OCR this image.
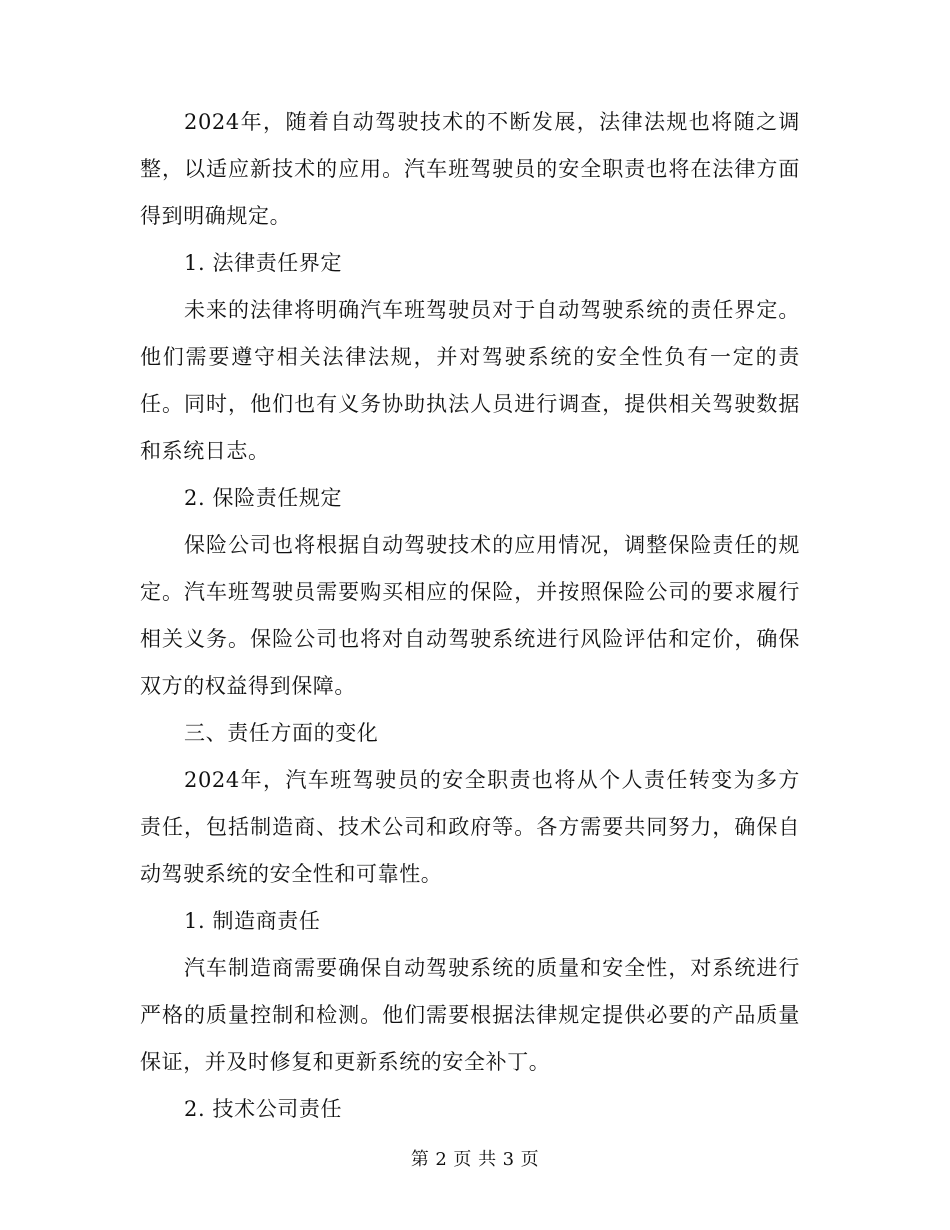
2024年，随着自动驾驶技术的不断发展，法律法规也将随之调整，以适应新技术的应用。汽车班驾驶员的安全职责也将在法律方面得到明确规定。

1. 法律责任界定

未来的法律将明确汽车班驾驶员对于自动驾驶系统的责任界定。他们需要遵守相关法律法规，并对驾驶系统的安全性负有一定的责任。同时，他们也有义务协助执法人员进行调查，提供相关驾驶数据和系统日志。

2. 保险责任规定

保险公司也将根据自动驾驶技术的应用情况，调整保险责任的规定。汽车班驾驶员需要购买相应的保险，并按照保险公司的要求履行相关义务。保险公司也将对自动驾驶系统进行风险评估和定价，确保双方的权益得到保障。

三、责任方面的变化

2024年，汽车班驾驶员的安全职责也将从个人责任转变为多方责任，包括制造商、技术公司和政府等。各方需要共同努力，确保自动驾驶系统的安全性和可靠性。

1. 制造商责任

汽车制造商需要确保自动驾驶系统的质量和安全性，对系统进行严格的质量控制和检测。他们需要根据法律规定提供必要的产品质量保证，并及时修复和更新系统的安全补丁。

2. 技术公司责任

第 2 页 共 3 页
